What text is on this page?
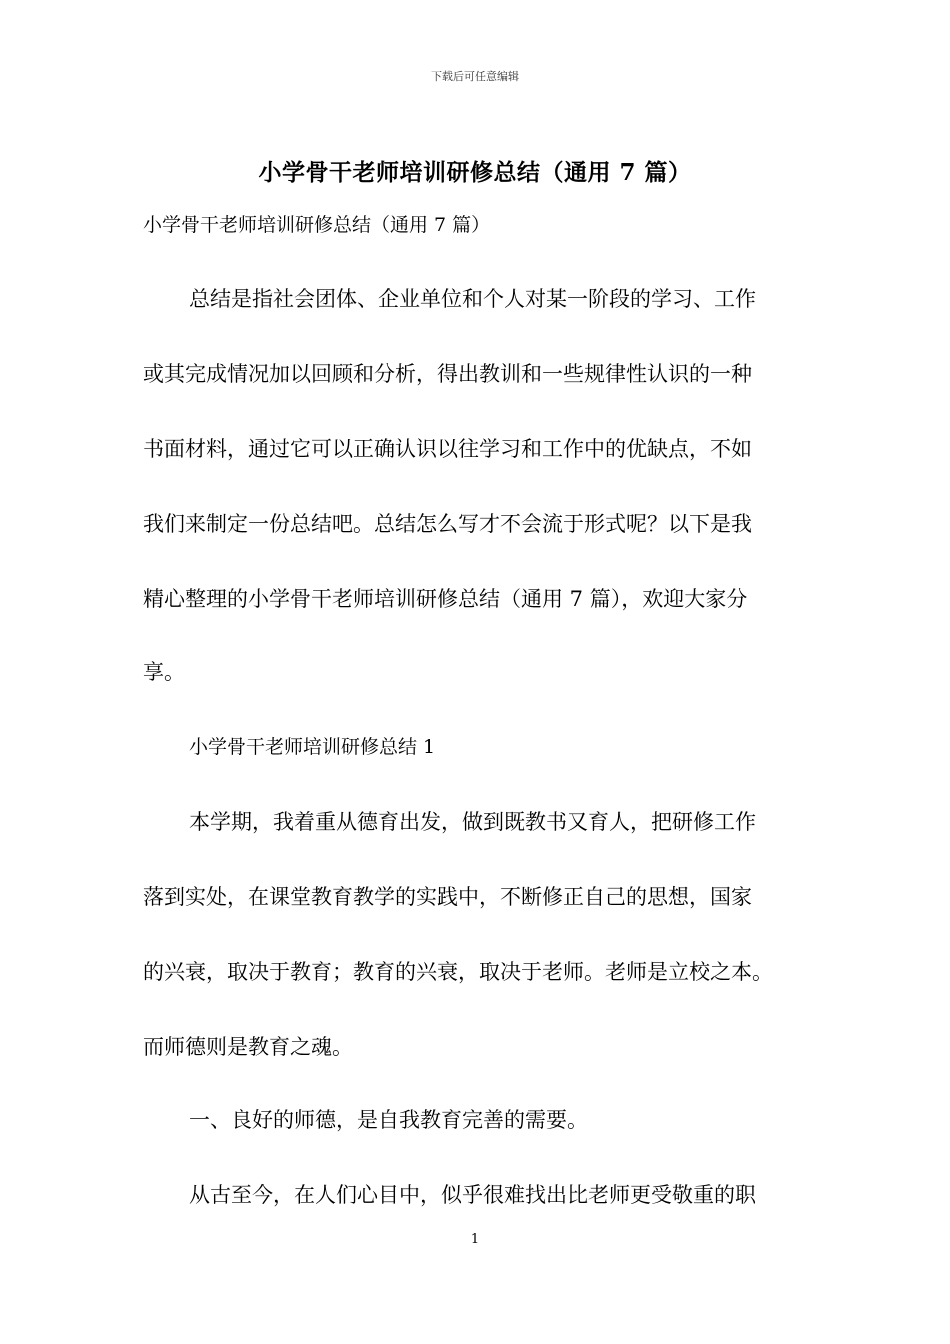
下载后可任意编辑
小学骨干老师培训研修总结（通用 7 篇）
小学骨干老师培训研修总结（通用 7 篇）
总结是指社会团体、企业单位和个人对某一阶段的学习、工作
或其完成情况加以回顾和分析，得出教训和一些规律性认识的一种
书面材料，通过它可以正确认识以往学习和工作中的优缺点，不如
我们来制定一份总结吧。总结怎么写才不会流于形式呢？以下是我
精心整理的小学骨干老师培训研修总结（通用 7 篇），欢迎大家分
享。
小学骨干老师培训研修总结 1
本学期，我着重从德育出发，做到既教书又育人，把研修工作
落到实处，在课堂教育教学的实践中，不断修正自己的思想，国家
的兴衰，取决于教育；教育的兴衰，取决于老师。老师是立校之本。
而师德则是教育之魂。
一、良好的师德，是自我教育完善的需要。
从古至今，在人们心目中，似乎很难找出比老师更受敬重的职
1
